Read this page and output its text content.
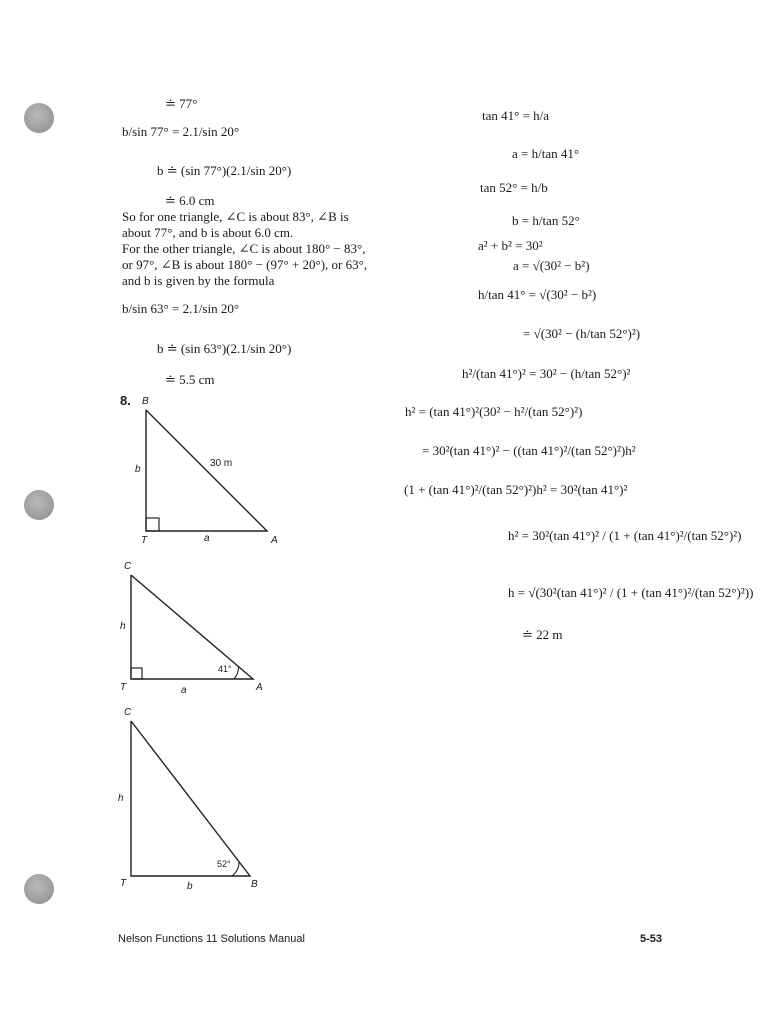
≐ 77°
b/sin 77° = 2.1/sin 20°
b ≐ (sin 77°)(2.1/sin 20°)
≐ 6.0 cm
So for one triangle, ∠C is about 83°, ∠B is
about 77°, and b is about 6.0 cm.
For the other triangle, ∠C is about 180° − 83°,
or 97°, ∠B is about 180° − (97° + 20°), or 63°,
and b is given by the formula
b/sin 63° = 2.1/sin 20°
b ≐ (sin 63°)(2.1/sin 20°)
≐ 5.5 cm
8. B
T	A
b
a
30 m
C
T	A
h
a
41°
C
T	B
h
b
52°
tan 41° = h/a
a = h/tan 41°
tan 52° = h/b
b = h/tan 52°
a² + b² = 30²
a = √(30² − b²)
h/tan 41° = √(30² − b²)
= √(30² − (h/tan 52°)²)
h²/(tan 41°)² = 30² − (h/tan 52°)²
h² = (tan 41°)²(30² − h²/(tan 52°)²)
= 30²(tan 41°)² − ((tan 41°)²/(tan 52°)²)h²
(1 + (tan 41°)²/(tan 52°)²)h² = 30²(tan 41°)²
h² = 30²(tan 41°)² / (1 + (tan 41°)²/(tan 52°)²)
h = √(30²(tan 41°)² / (1 + (tan 41°)²/(tan 52°)²))
≐ 22 m
Nelson Functions 11 Solutions Manual	5-53
